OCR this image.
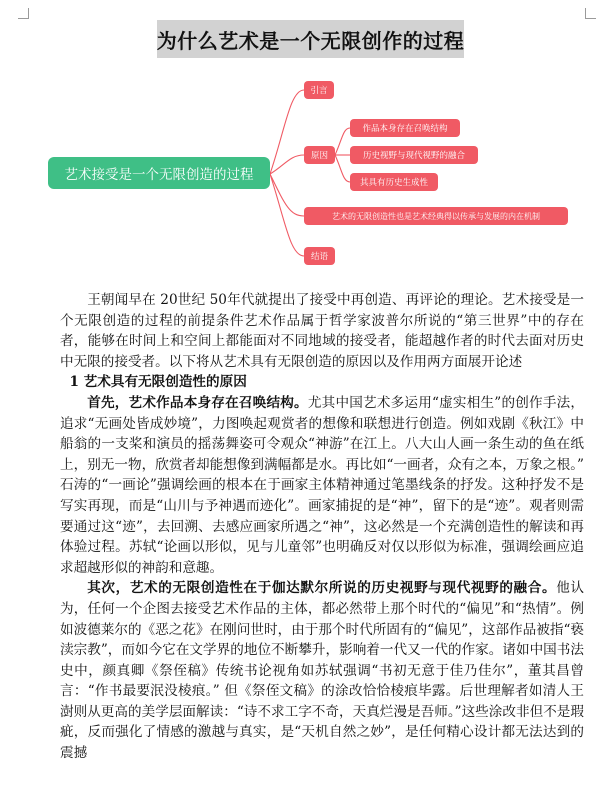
为什么艺术是一个无限创作的过程
引言
原因
作品本身存在召唤结构
历史视野与现代视野的融合
其具有历史生成性
艺术的无限创造性也是艺术经典得以传承与发展的内在机制
结语
艺术接受是一个无限创造的过程

王朝闻早在 20世纪 50年代就提出了接受中再创造、再评论的理论。艺术接受是一个无限创造的过程的前提条件艺术作品属于哲学家波普尔所说的“第三世界”中的存在者，能够在时间上和空间上都能面对不同地域的接受者，能超越作者的时代去面对历史中无限的接受者。以下将从艺术具有无限创造的原因以及作用两方面展开论述

1 艺术具有无限创造性的原因

首先，艺术作品本身存在召唤结构。尤其中国艺术多运用“虚实相生”的创作手法，追求“无画处皆成妙境”，力图唤起观赏者的想像和联想进行创造。例如戏剧《秋江》中船翁的一支桨和演员的摇荡舞姿可令观众“神游”在江上。八大山人画一条生动的鱼在纸上，别无一物，欣赏者却能想像到满幅都是水。再比如“一画者，众有之本，万象之根。” 石涛的“一画论”强调绘画的根本在于画家主体精神通过笔墨线条的抒发。这种抒发不是写实再现，而是“山川与予神遇而迹化”。画家捕捉的是“神”，留下的是“迹”。观者则需要通过这“迹”，去回溯、去感应画家所遇之“神”，这必然是一个充满创造性的解读和再体验过程。苏轼“论画以形似，见与儿童邻”也明确反对仅以形似为标准，强调绘画应追求超越形似的神韵和意趣。

其次，艺术的无限创造性在于伽达默尔所说的历史视野与现代视野的融合。他认为，任何一个企图去接受艺术作品的主体，都必然带上那个时代的“偏见”和“热情”。例如波德莱尔的《恶之花》在刚问世时，由于那个时代所固有的“偏见”，这部作品被指“亵渎宗教”，而如今它在文学界的地位不断攀升，影响着一代又一代的作家。诸如中国书法史中，颜真卿《祭侄稿》传统书论视角如苏轼强调“书初无意于佳乃佳尔”，董其昌曾言：“作书最要泯没棱痕。” 但《祭侄文稿》的涂改恰恰棱痕毕露。后世理解者如清人王澍则从更高的美学层面解读：“诗不求工字不奇，天真烂漫是吾师。”这些涂改非但不是瑕疵，反而强化了情感的激越与真实，是“天机自然之妙”，是任何精心设计都无法达到的震撼
